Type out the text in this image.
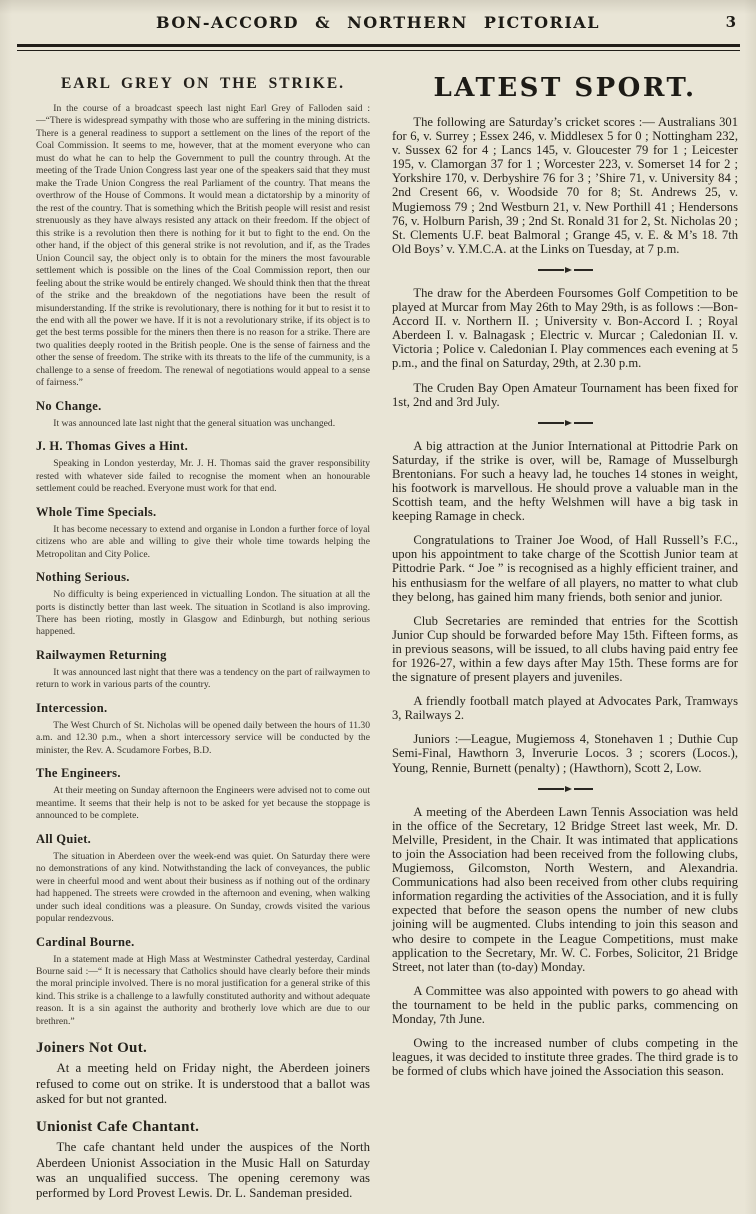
BON-ACCORD & NORTHERN PICTORIAL	3
EARL GREY ON THE STRIKE.

In the course of a broadcast speech last night Earl Grey of Falloden said :—“There is widespread sympathy with those who are suffering in the mining districts. There is a general readiness to support a settlement on the lines of the report of the Coal Commission. It seems to me, however, that at the moment everyone who can must do what he can to help the Government to pull the country through. At the meeting of the Trade Union Congress last year one of the speakers said that they must make the Trade Union Congress the real Parliament of the country. That means the overthrow of the House of Commons. It would mean a dictatorship by a minority of the rest of the country. That is something which the British people will resist and resist strenuously as they have always resisted any attack on their freedom. If the object of this strike is a revolution then there is nothing for it but to fight to the end. On the other hand, if the object of this general strike is not revolution, and if, as the Trades Union Council say, the object only is to obtain for the miners the most favourable settlement which is possible on the lines of the Coal Commission report, then our feeling about the strike would be entirely changed. We should think then that the threat of the strike and the breakdown of the negotiations have been the result of misunderstanding. If the strike is revolutionary, there is nothing for it but to resist it to the end with all the power we have. If it is not a revolutionary strike, if its object is to get the best terms possible for the miners then there is no reason for a strike. There are two qualities deeply rooted in the British people. One is the sense of fairness and the other the sense of freedom. The strike with its threats to the life of the cummunity, is a challenge to a sense of freedom. The renewal of negotiations would appeal to a sense of fairness.”

No Change.

It was announced late last night that the general situation was unchanged.

J. H. Thomas Gives a Hint.

Speaking in London yesterday, Mr. J. H. Thomas said the graver responsibility rested with whatever side failed to recognise the moment when an honourable settlement could be reached. Everyone must work for that end.

Whole Time Specials.

It has become necessary to extend and organise in London a further force of loyal citizens who are able and willing to give their whole time towards helping the Metropolitan and City Police.

Nothing Serious.

No difficulty is being experienced in victualling London. The situation at all the ports is distinctly better than last week. The situation in Scotland is also improving. There has been rioting, mostly in Glasgow and Edinburgh, but nothing serious happened.

Railwaymen Returning

It was announced last night that there was a tendency on the part of railwaymen to return to work in various parts of the country.

Intercession.

The West Church of St. Nicholas will be opened daily between the hours of 11.30 a.m. and 12.30 p.m., when a short intercessory service will be conducted by the minister, the Rev. A. Scudamore Forbes, B.D.

The Engineers.

At their meeting on Sunday afternoon the Engineers were advised not to come out meantime. It seems that their help is not to be asked for yet because the stoppage is announced to be complete.

All Quiet.

The situation in Aberdeen over the week-end was quiet. On Saturday there were no demonstrations of any kind. Notwithstanding the lack of conveyances, the public were in cheerful mood and went about their business as if nothing out of the ordinary had happened. The streets were crowded in the afternoon and evening, when walking under such ideal conditions was a pleasure. On Sunday, crowds visited the various popular rendezvous.

Cardinal Bourne.

In a statement made at High Mass at Westminster Cathedral yesterday, Cardinal Bourne said :—“ It is necessary that Catholics should have clearly before their minds the moral principle involved. There is no moral justification for a general strike of this kind. This strike is a challenge to a lawfully constituted authority and without adequate reason. It is a sin against the authority and brotherly love which are due to our brethren.”

Joiners Not Out.

At a meeting held on Friday night, the Aberdeen joiners refused to come out on strike. It is understood that a ballot was asked for but not granted.

Unionist Cafe Chantant.

The cafe chantant held under the auspices of the North Aberdeen Unionist Association in the Music Hall on Saturday was an unqualified success. The opening ceremony was performed by Lord Provest Lewis. Dr. L. Sandeman presided.

LATEST SPORT.

The following are Saturday’s cricket scores :— Australians 301 for 6, v. Surrey ; Essex 246, v. Middlesex 5 for 0 ; Nottingham 232, v. Sussex 62 for 4 ; Lancs 145, v. Gloucester 79 for 1 ; Leicester 195, v. Clamorgan 37 for 1 ; Worcester 223, v. Somerset 14 for 2 ; Yorkshire 170, v. Derbyshire 76 for 3 ; ’Shire 71, v. University 84 ; 2nd Cresent 66, v. Woodside 70 for 8; St. Andrews 25, v. Mugiemoss 79 ; 2nd Westburn 21, v. New Porthill 41 ; Hendersons 76, v. Holburn Parish, 39 ; 2nd St. Ronald 31 for 2, St. Nicholas 20 ; St. Clements U.F. beat Balmoral ; Grange 45, v. E. & M’s 18. 7th Old Boys’ v. Y.M.C.A. at the Links on Tuesday, at 7 p.m.

The draw for the Aberdeen Foursomes Golf Competition to be played at Murcar from May 26th to May 29th, is as follows :—Bon-Accord II. v. Northern II. ; University v. Bon-Accord I. ; Royal Aberdeen I. v. Balnagask ; Electric v. Murcar ; Caledonian II. v. Victoria ; Police v. Caledonian I. Play commences each evening at 5 p.m., and the final on Saturday, 29th, at 2.30 p.m.

The Cruden Bay Open Amateur Tournament has been fixed for 1st, 2nd and 3rd July.

A big attraction at the Junior International at Pittodrie Park on Saturday, if the strike is over, will be, Ramage of Musselburgh Brentonians. For such a heavy lad, he touches 14 stones in weight, his footwork is marvellous. He should prove a valuable man in the Scottish team, and the hefty Welshmen will have a big task in keeping Ramage in check.

Congratulations to Trainer Joe Wood, of Hall Russell’s F.C., upon his appointment to take charge of the Scottish Junior team at Pittodrie Park. “ Joe ” is recognised as a highly efficient trainer, and his enthusiasm for the welfare of all players, no matter to what club they belong, has gained him many friends, both senior and junior.

Club Secretaries are reminded that entries for the Scottish Junior Cup should be forwarded before May 15th. Fifteen forms, as in previous seasons, will be issued, to all clubs having paid entry fee for 1926-27, within a few days after May 15th. These forms are for the signature of present players and juveniles.

A friendly football match played at Advocates Park, Tramways 3, Railways 2.

Juniors :—League, Mugiemoss 4, Stonehaven 1 ; Duthie Cup Semi-Final, Hawthorn 3, Inverurie Locos. 3 ; scorers (Locos.), Young, Rennie, Burnett (penalty) ; (Hawthorn), Scott 2, Low.

A meeting of the Aberdeen Lawn Tennis Association was held in the office of the Secretary, 12 Bridge Street last week, Mr. D. Melville, President, in the Chair. It was intimated that applications to join the Association had been received from the following clubs, Mugiemoss, Gilcomston, North Western, and Alexandria. Communications had also been received from other clubs requiring information regarding the activities of the Association, and it is fully expected that before the season opens the number of new clubs joining will be augmented. Clubs intending to join this season and who desire to compete in the League Competitions, must make application to the Secretary, Mr. W. C. Forbes, Solicitor, 21 Bridge Street, not later than (to-day) Monday.

A Committee was also appointed with powers to go ahead with the tournament to be held in the public parks, commencing on Monday, 7th June.

Owing to the increased number of clubs competing in the leagues, it was decided to institute three grades. The third grade is to be formed of clubs which have joined the Association this season.
